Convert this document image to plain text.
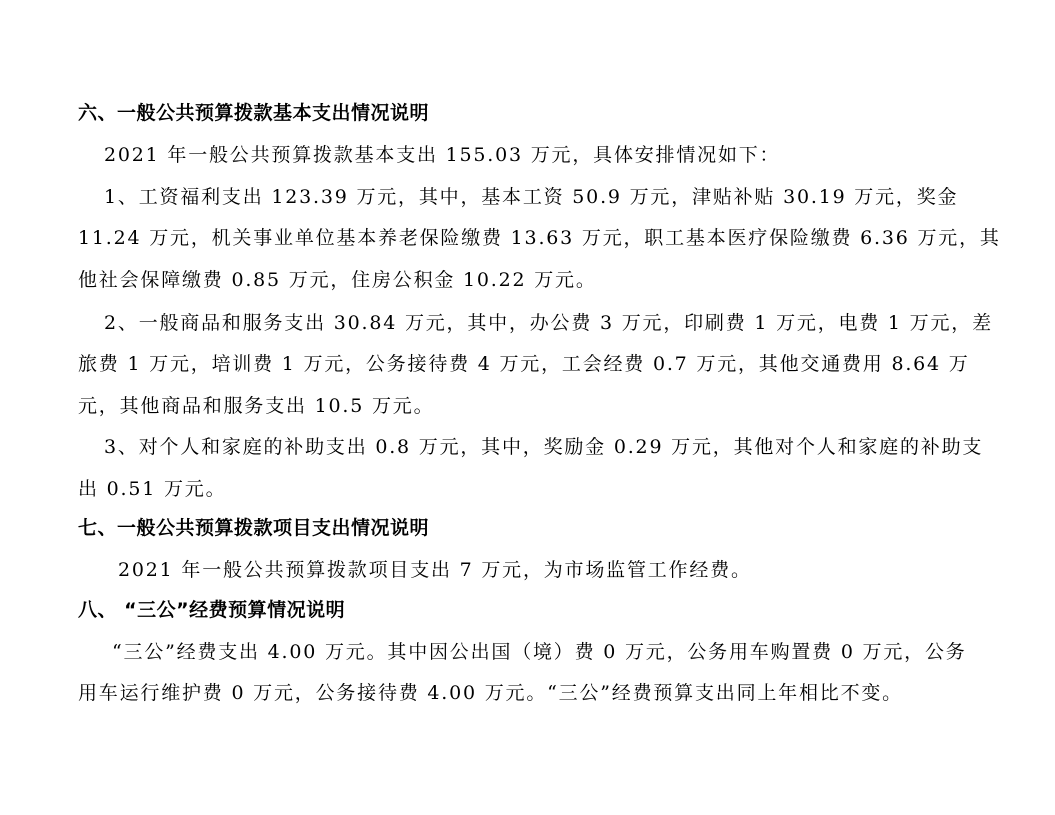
六、一般公共预算拨款基本支出情况说明
2021 年一般公共预算拨款基本支出 155.03 万元，具体安排情况如下：
1、工资福利支出 123.39 万元，其中，基本工资 50.9 万元，津贴补贴 30.19 万元，奖金
11.24 万元，机关事业单位基本养老保险缴费 13.63 万元，职工基本医疗保险缴费 6.36 万元，其
他社会保障缴费 0.85 万元，住房公积金 10.22 万元。
2、一般商品和服务支出 30.84 万元，其中，办公费 3 万元，印刷费 1 万元，电费 1 万元，差
旅费 1 万元，培训费 1 万元，公务接待费 4 万元，工会经费 0.7 万元，其他交通费用 8.64 万
元，其他商品和服务支出 10.5 万元。
3、对个人和家庭的补助支出 0.8 万元，其中，奖励金 0.29 万元，其他对个人和家庭的补助支
出 0.51 万元。
七、一般公共预算拨款项目支出情况说明
2021 年一般公共预算拨款项目支出 7 万元，为市场监管工作经费。
八、 “三公”经费预算情况说明
“三公”经费支出 4.00 万元。其中因公出国（境）费 0 万元，公务用车购置费 0 万元，公务
用车运行维护费 0 万元，公务接待费 4.00 万元。“三公”经费预算支出同上年相比不变。
